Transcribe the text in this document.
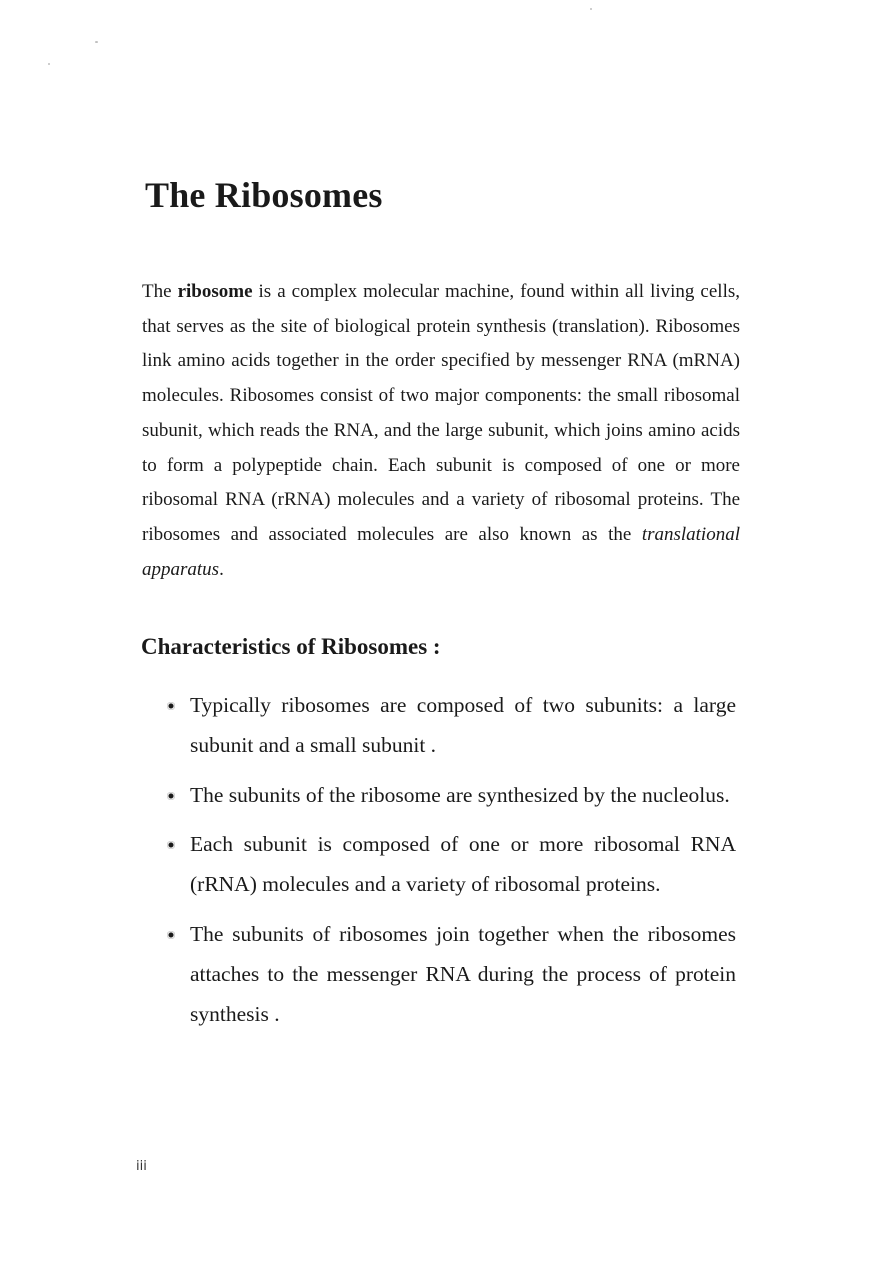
The Ribosomes

The ribosome is a complex molecular machine, found within all living cells, that serves as the site of biological protein synthesis (translation). Ribosomes link amino acids together in the order specified by messenger RNA (mRNA) molecules. Ribosomes consist of two major components: the small ribosomal subunit, which reads the RNA, and the large subunit, which joins amino acids to form a polypeptide chain. Each subunit is composed of one or more ribosomal RNA (rRNA) molecules and a variety of ribosomal proteins. The ribosomes and associated molecules are also known as the translational apparatus.

Characteristics of Ribosomes :
Typically ribosomes are composed of two subunits: a large subunit and a small subunit .
The subunits of the ribosome are synthesized by the nucleolus.
Each subunit is composed of one or more ribosomal RNA (rRNA) molecules and a variety of ribosomal proteins.
The subunits of ribosomes join together when the ribosomes attaches to the messenger RNA during the process of protein synthesis .
iii
